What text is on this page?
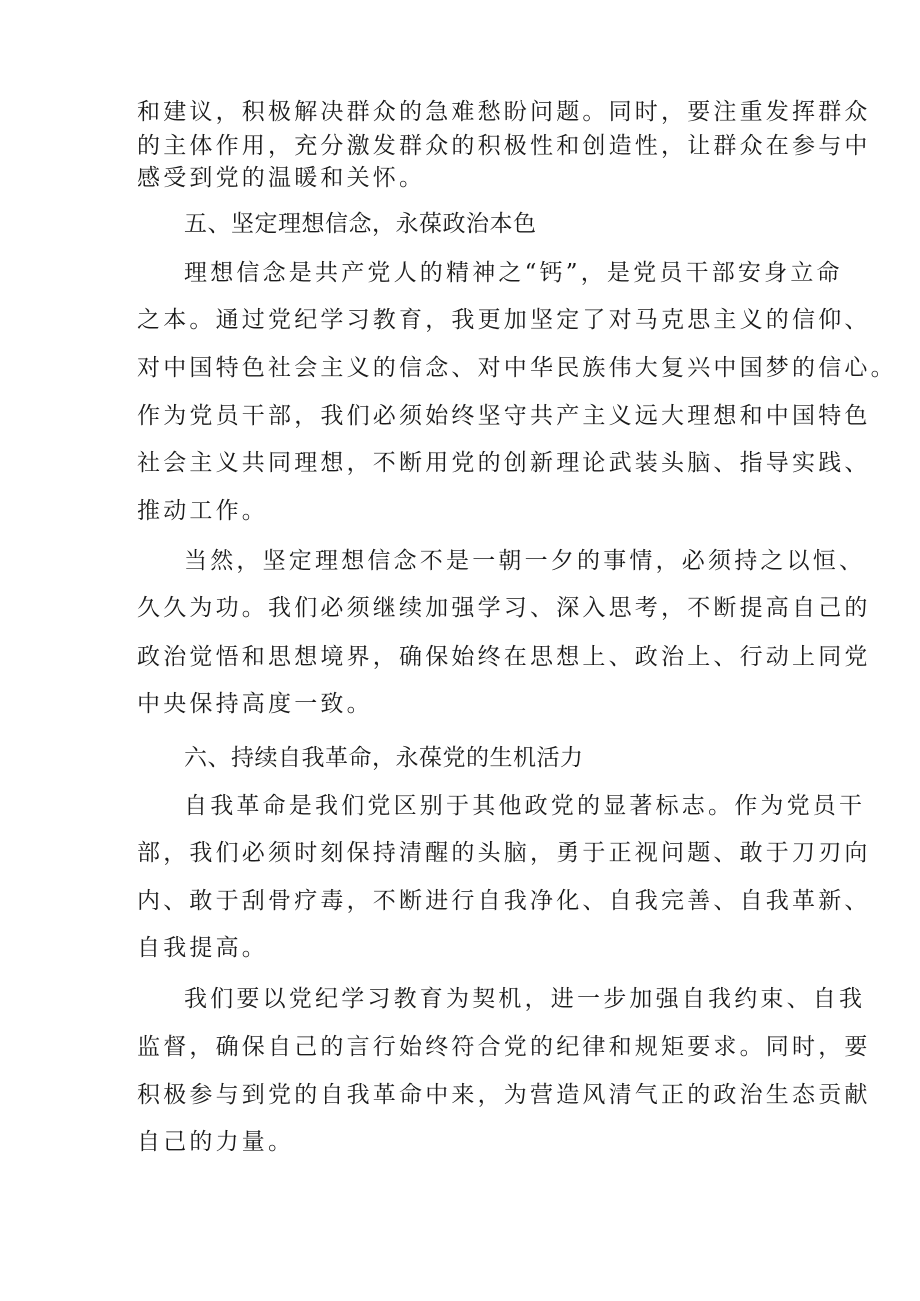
和建议，积极解决群众的急难愁盼问题。同时，要注重发挥群众

的主体作用，充分激发群众的积极性和创造性，让群众在参与中

感受到党的温暖和关怀。

五、坚定理想信念，永葆政治本色

理想信念是共产党人的精神之“钙”，是党员干部安身立命

之本。通过党纪学习教育，我更加坚定了对马克思主义的信仰、

对中国特色社会主义的信念、对中华民族伟大复兴中国梦的信心。

作为党员干部，我们必须始终坚守共产主义远大理想和中国特色

社会主义共同理想，不断用党的创新理论武装头脑、指导实践、

推动工作。

当然，坚定理想信念不是一朝一夕的事情，必须持之以恒、

久久为功。我们必须继续加强学习、深入思考，不断提高自己的

政治觉悟和思想境界，确保始终在思想上、政治上、行动上同党

中央保持高度一致。

六、持续自我革命，永葆党的生机活力

自我革命是我们党区别于其他政党的显著标志。作为党员干

部，我们必须时刻保持清醒的头脑，勇于正视问题、敢于刀刃向

内、敢于刮骨疗毒，不断进行自我净化、自我完善、自我革新、

自我提高。

我们要以党纪学习教育为契机，进一步加强自我约束、自我

监督，确保自己的言行始终符合党的纪律和规矩要求。同时，要

积极参与到党的自我革命中来，为营造风清气正的政治生态贡献

自己的力量。
